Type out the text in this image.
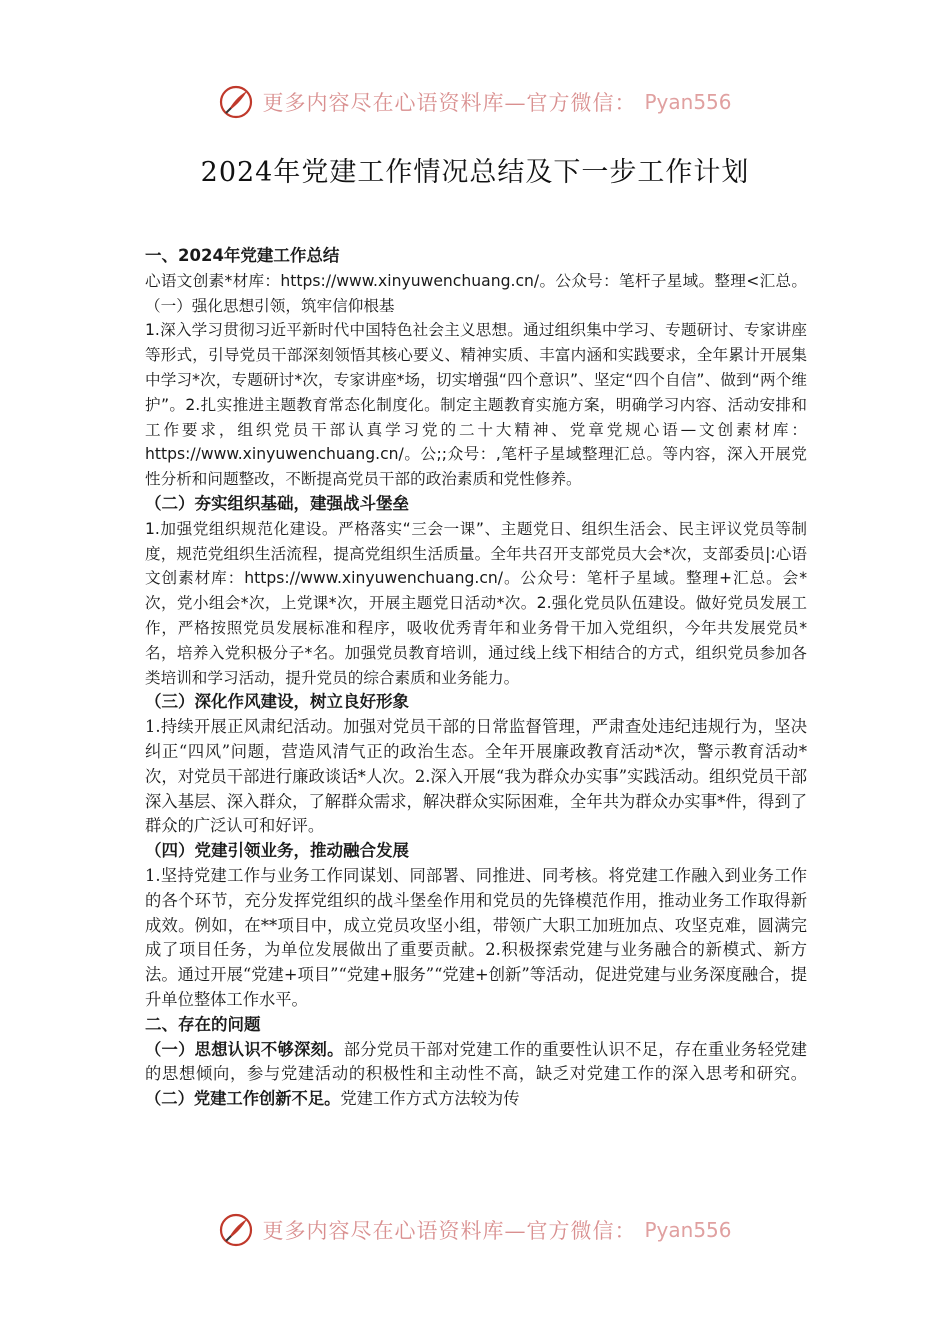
更多内容尽在心语资料库—官方微信： Pyan556
2024年党建工作情况总结及下一步工作计划

一、2024年党建工作总结

心语文创素*材库：https://www.xinyuwenchuang.cn/。公众号：笔杆子星域。整理<汇总。（一）强化思想引领，筑牢信仰根基

1.深入学习贯彻习近平新时代中国特色社会主义思想。通过组织集中学习、专题研讨、专家讲座等形式，引导党员干部深刻领悟其核心要义、精神实质、丰富内涵和实践要求，全年累计开展集中学习*次，专题研讨*次，专家讲座*场，切实增强“四个意识”、坚定“四个自信”、做到“两个维护”。2.扎实推进主题教育常态化制度化。制定主题教育实施方案，明确学习内容、活动安排和工作要求，组织党员干部认真学习党的二十大精神、党章党规心语—文创素材库：https://www.xinyuwenchuang.cn/。公;;众号：,笔杆子星域整理汇总。等内容，深入开展党性分析和问题整改，不断提高党员干部的政治素质和党性修养。

（二）夯实组织基础，建强战斗堡垒

1.加强党组织规范化建设。严格落实“三会一课”、主题党日、组织生活会、民主评议党员等制度，规范党组织生活流程，提高党组织生活质量。全年共召开支部党员大会*次，支部委员|:心语文创素材库：https://www.xinyuwenchuang.cn/。公众号：笔杆子星域。整理+汇总。会*次，党小组会*次，上党课*次，开展主题党日活动*次。2.强化党员队伍建设。做好党员发展工作，严格按照党员发展标准和程序，吸收优秀青年和业务骨干加入党组织，今年共发展党员*名，培养入党积极分子*名。加强党员教育培训，通过线上线下相结合的方式，组织党员参加各类培训和学习活动，提升党员的综合素质和业务能力。

（三）深化作风建设，树立良好形象

1.持续开展正风肃纪活动。加强对党员干部的日常监督管理，严肃查处违纪违规行为，坚决纠正“四风”问题，营造风清气正的政治生态。全年开展廉政教育活动*次，警示教育活动*次，对党员干部进行廉政谈话*人次。2.深入开展“我为群众办实事”实践活动。组织党员干部深入基层、深入群众，了解群众需求，解决群众实际困难，全年共为群众办实事*件，得到了群众的广泛认可和好评。

（四）党建引领业务，推动融合发展

1.坚持党建工作与业务工作同谋划、同部署、同推进、同考核。将党建工作融入到业务工作的各个环节，充分发挥党组织的战斗堡垒作用和党员的先锋模范作用，推动业务工作取得新成效。例如，在**项目中，成立党员攻坚小组，带领广大职工加班加点、攻坚克难，圆满完成了项目任务，为单位发展做出了重要贡献。2.积极探索党建与业务融合的新模式、新方法。通过开展“党建+项目”“党建+服务”“党建+创新”等活动，促进党建与业务深度融合，提升单位整体工作水平。

二、存在的问题

（一）思想认识不够深刻。部分党员干部对党建工作的重要性认识不足，存在重业务轻党建的思想倾向，参与党建活动的积极性和主动性不高，缺乏对党建工作的深入思考和研究。（二）党建工作创新不足。党建工作方式方法较为传

更多内容尽在心语资料库—官方微信： Pyan556
